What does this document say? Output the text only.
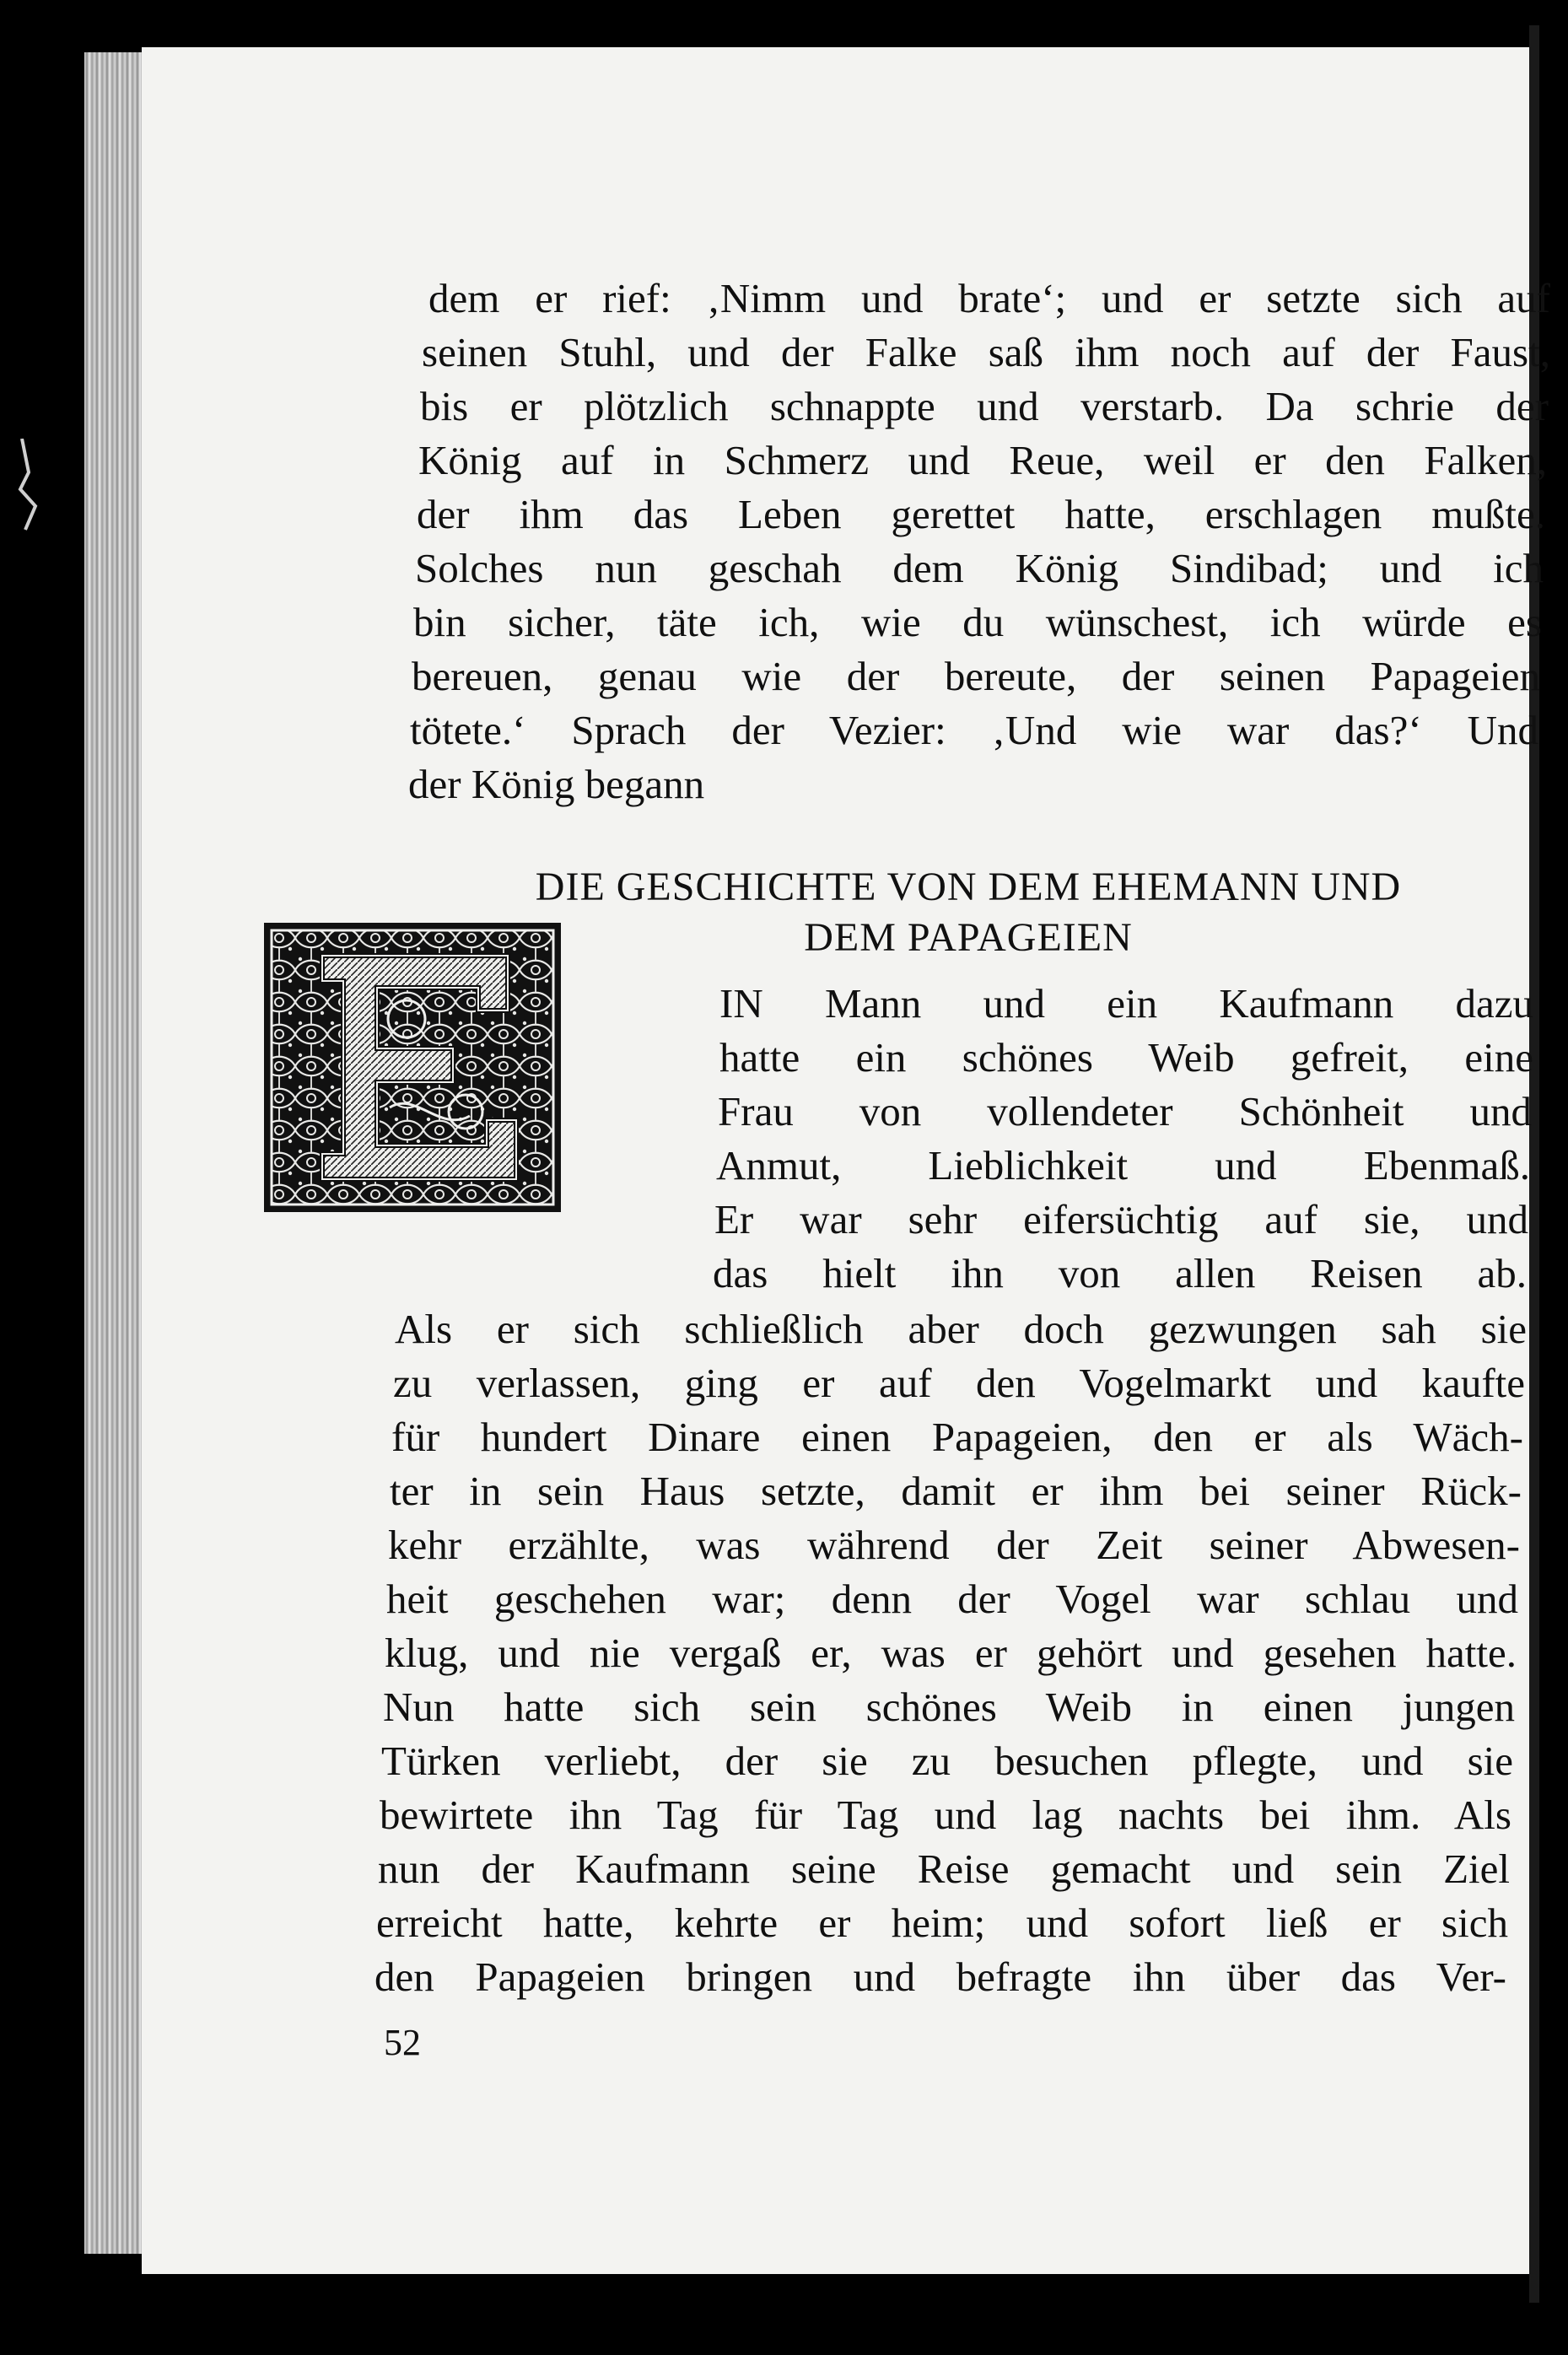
dem er rief: ‚Nimm und brate‘; und er setzte sich auf
seinen Stuhl, und der Falke saß ihm noch auf der Faust,
bis er plötzlich schnappte und verstarb. Da schrie der
König auf in Schmerz und Reue, weil er den Falken,
der ihm das Leben gerettet hatte, erschlagen mußte.
Solches nun geschah dem König Sindibad; und ich
bin sicher, täte ich, wie du wünschest, ich würde es
bereuen, genau wie der bereute, der seinen Papageien
tötete.‘ Sprach der Vezier: ‚Und wie war das?‘ Und
der König begann
DIE GESCHICHTE VON DEM EHEMANN UND
DEM PAPAGEIEN
IN Mann und ein Kaufmann dazu
hatte ein schönes Weib gefreit, eine
Frau von vollendeter Schönheit und
Anmut, Lieblichkeit und Ebenmaß.
Er war sehr eifersüchtig auf sie, und
das hielt ihn von allen Reisen ab.
Als er sich schließlich aber doch gezwungen sah sie
zu verlassen, ging er auf den Vogelmarkt und kaufte
für hundert Dinare einen Papageien, den er als Wäch-
ter in sein Haus setzte, damit er ihm bei seiner Rück-
kehr erzählte, was während der Zeit seiner Abwesen-
heit geschehen war; denn der Vogel war schlau und
klug, und nie vergaß er, was er gehört und gesehen hatte.
Nun hatte sich sein schönes Weib in einen jungen
Türken verliebt, der sie zu besuchen pflegte, und sie
bewirtete ihn Tag für Tag und lag nachts bei ihm. Als
nun der Kaufmann seine Reise gemacht und sein Ziel
erreicht hatte, kehrte er heim; und sofort ließ er sich
den Papageien bringen und befragte ihn über das Ver-
52
